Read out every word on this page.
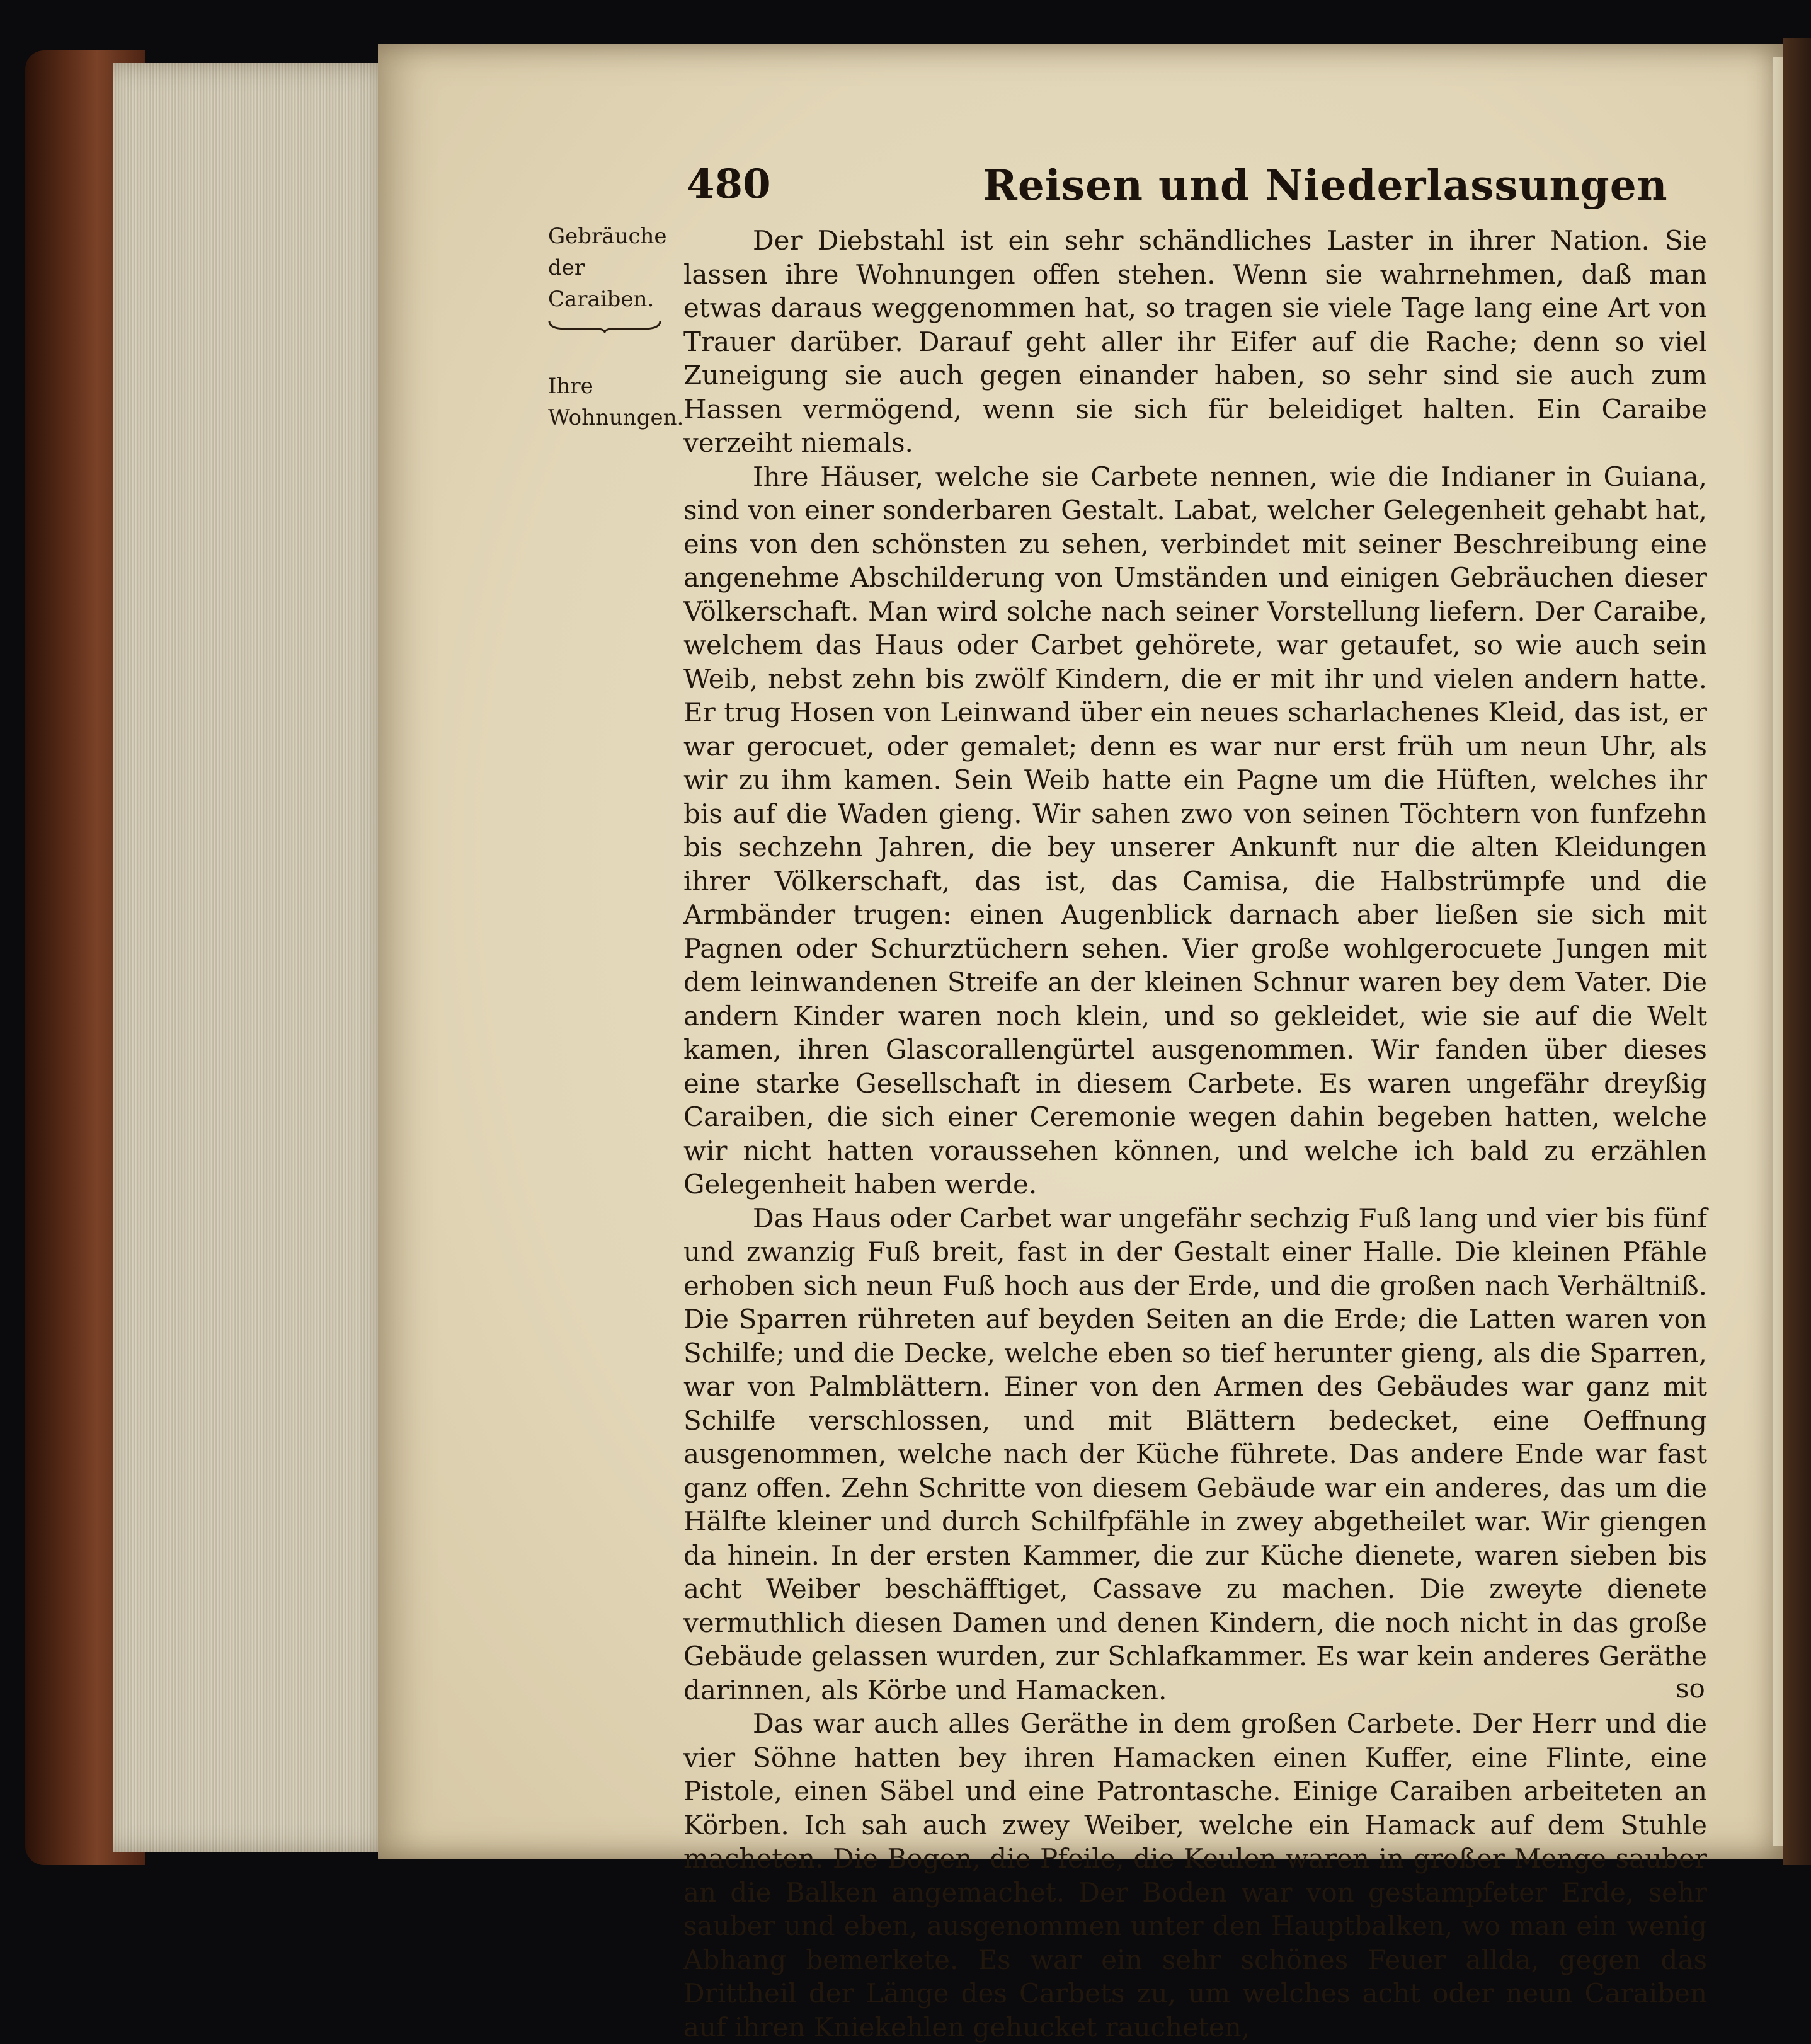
480	Reisen und Niederlassungen
Gebräuche der Caraiben.
Ihre Wohnungen.

Der Diebstahl ist ein sehr schändliches Laster in ihrer Nation. Sie lassen ihre Wohnungen offen stehen. Wenn sie wahrnehmen, daß man etwas daraus weggenommen hat, so tragen sie viele Tage lang eine Art von Trauer darüber. Darauf geht aller ihr Eifer auf die Rache; denn so viel Zuneigung sie auch gegen einander haben, so sehr sind sie auch zum Hassen vermögend, wenn sie sich für beleidiget halten. Ein Caraibe verzeiht niemals.

Ihre Häuser, welche sie Carbete nennen, wie die Indianer in Guiana, sind von einer sonderbaren Gestalt. Labat, welcher Gelegenheit gehabt hat, eins von den schönsten zu sehen, verbindet mit seiner Beschreibung eine angenehme Abschilderung von Umständen und einigen Gebräuchen dieser Völkerschaft. Man wird solche nach seiner Vorstellung liefern. Der Caraibe, welchem das Haus oder Carbet gehörete, war getaufet, so wie auch sein Weib, nebst zehn bis zwölf Kindern, die er mit ihr und vielen andern hatte. Er trug Hosen von Leinwand über ein neues scharlachenes Kleid, das ist, er war gerocuet, oder gemalet; denn es war nur erst früh um neun Uhr, als wir zu ihm kamen. Sein Weib hatte ein Pagne um die Hüften, welches ihr bis auf die Waden gieng. Wir sahen zwo von seinen Töchtern von funfzehn bis sechzehn Jahren, die bey unserer Ankunft nur die alten Kleidungen ihrer Völkerschaft, das ist, das Camisa, die Halbstrümpfe und die Armbänder trugen: einen Augenblick darnach aber ließen sie sich mit Pagnen oder Schurztüchern sehen. Vier große wohlgerocuete Jungen mit dem leinwandenen Streife an der kleinen Schnur waren bey dem Vater. Die andern Kinder waren noch klein, und so gekleidet, wie sie auf die Welt kamen, ihren Glascorallengürtel ausgenommen. Wir fanden über dieses eine starke Gesellschaft in diesem Carbete. Es waren ungefähr dreyßig Caraiben, die sich einer Ceremonie wegen dahin begeben hatten, welche wir nicht hatten voraussehen können, und welche ich bald zu erzählen Gelegenheit haben werde.

Das Haus oder Carbet war ungefähr sechzig Fuß lang und vier bis fünf und zwanzig Fuß breit, fast in der Gestalt einer Halle. Die kleinen Pfähle erhoben sich neun Fuß hoch aus der Erde, und die großen nach Verhältniß. Die Sparren rühreten auf beyden Seiten an die Erde; die Latten waren von Schilfe; und die Decke, welche eben so tief herunter gieng, als die Sparren, war von Palmblättern. Einer von den Armen des Gebäudes war ganz mit Schilfe verschlossen, und mit Blättern bedecket, eine Oeffnung ausgenommen, welche nach der Küche führete. Das andere Ende war fast ganz offen. Zehn Schritte von diesem Gebäude war ein anderes, das um die Hälfte kleiner und durch Schilfpfähle in zwey abgetheilet war. Wir giengen da hinein. In der ersten Kammer, die zur Küche dienete, waren sieben bis acht Weiber beschäfftiget, Cassave zu machen. Die zweyte dienete vermuthlich diesen Damen und denen Kindern, die noch nicht in das große Gebäude gelassen wurden, zur Schlafkammer. Es war kein anderes Geräthe darinnen, als Körbe und Hamacken.

Das war auch alles Geräthe in dem großen Carbete. Der Herr und die vier Söhne hatten bey ihren Hamacken einen Kuffer, eine Flinte, eine Pistole, einen Säbel und eine Patrontasche. Einige Caraiben arbeiteten an Körben. Ich sah auch zwey Weiber, welche ein Hamack auf dem Stuhle macheten. Die Bogen, die Pfeile, die Keulen waren in großer Menge sauber an die Balken angemachet. Der Boden war von gestampfeter Erde, sehr sauber und eben, ausgenommen unter den Hauptbalken, wo man ein wenig Abhang bemerkete. Es war ein sehr schönes Feuer allda, gegen das Drittheil der Länge des Carbets zu, um welches acht oder neun Caraiben auf ihren Kniekehlen gehucket raucheten,

so
